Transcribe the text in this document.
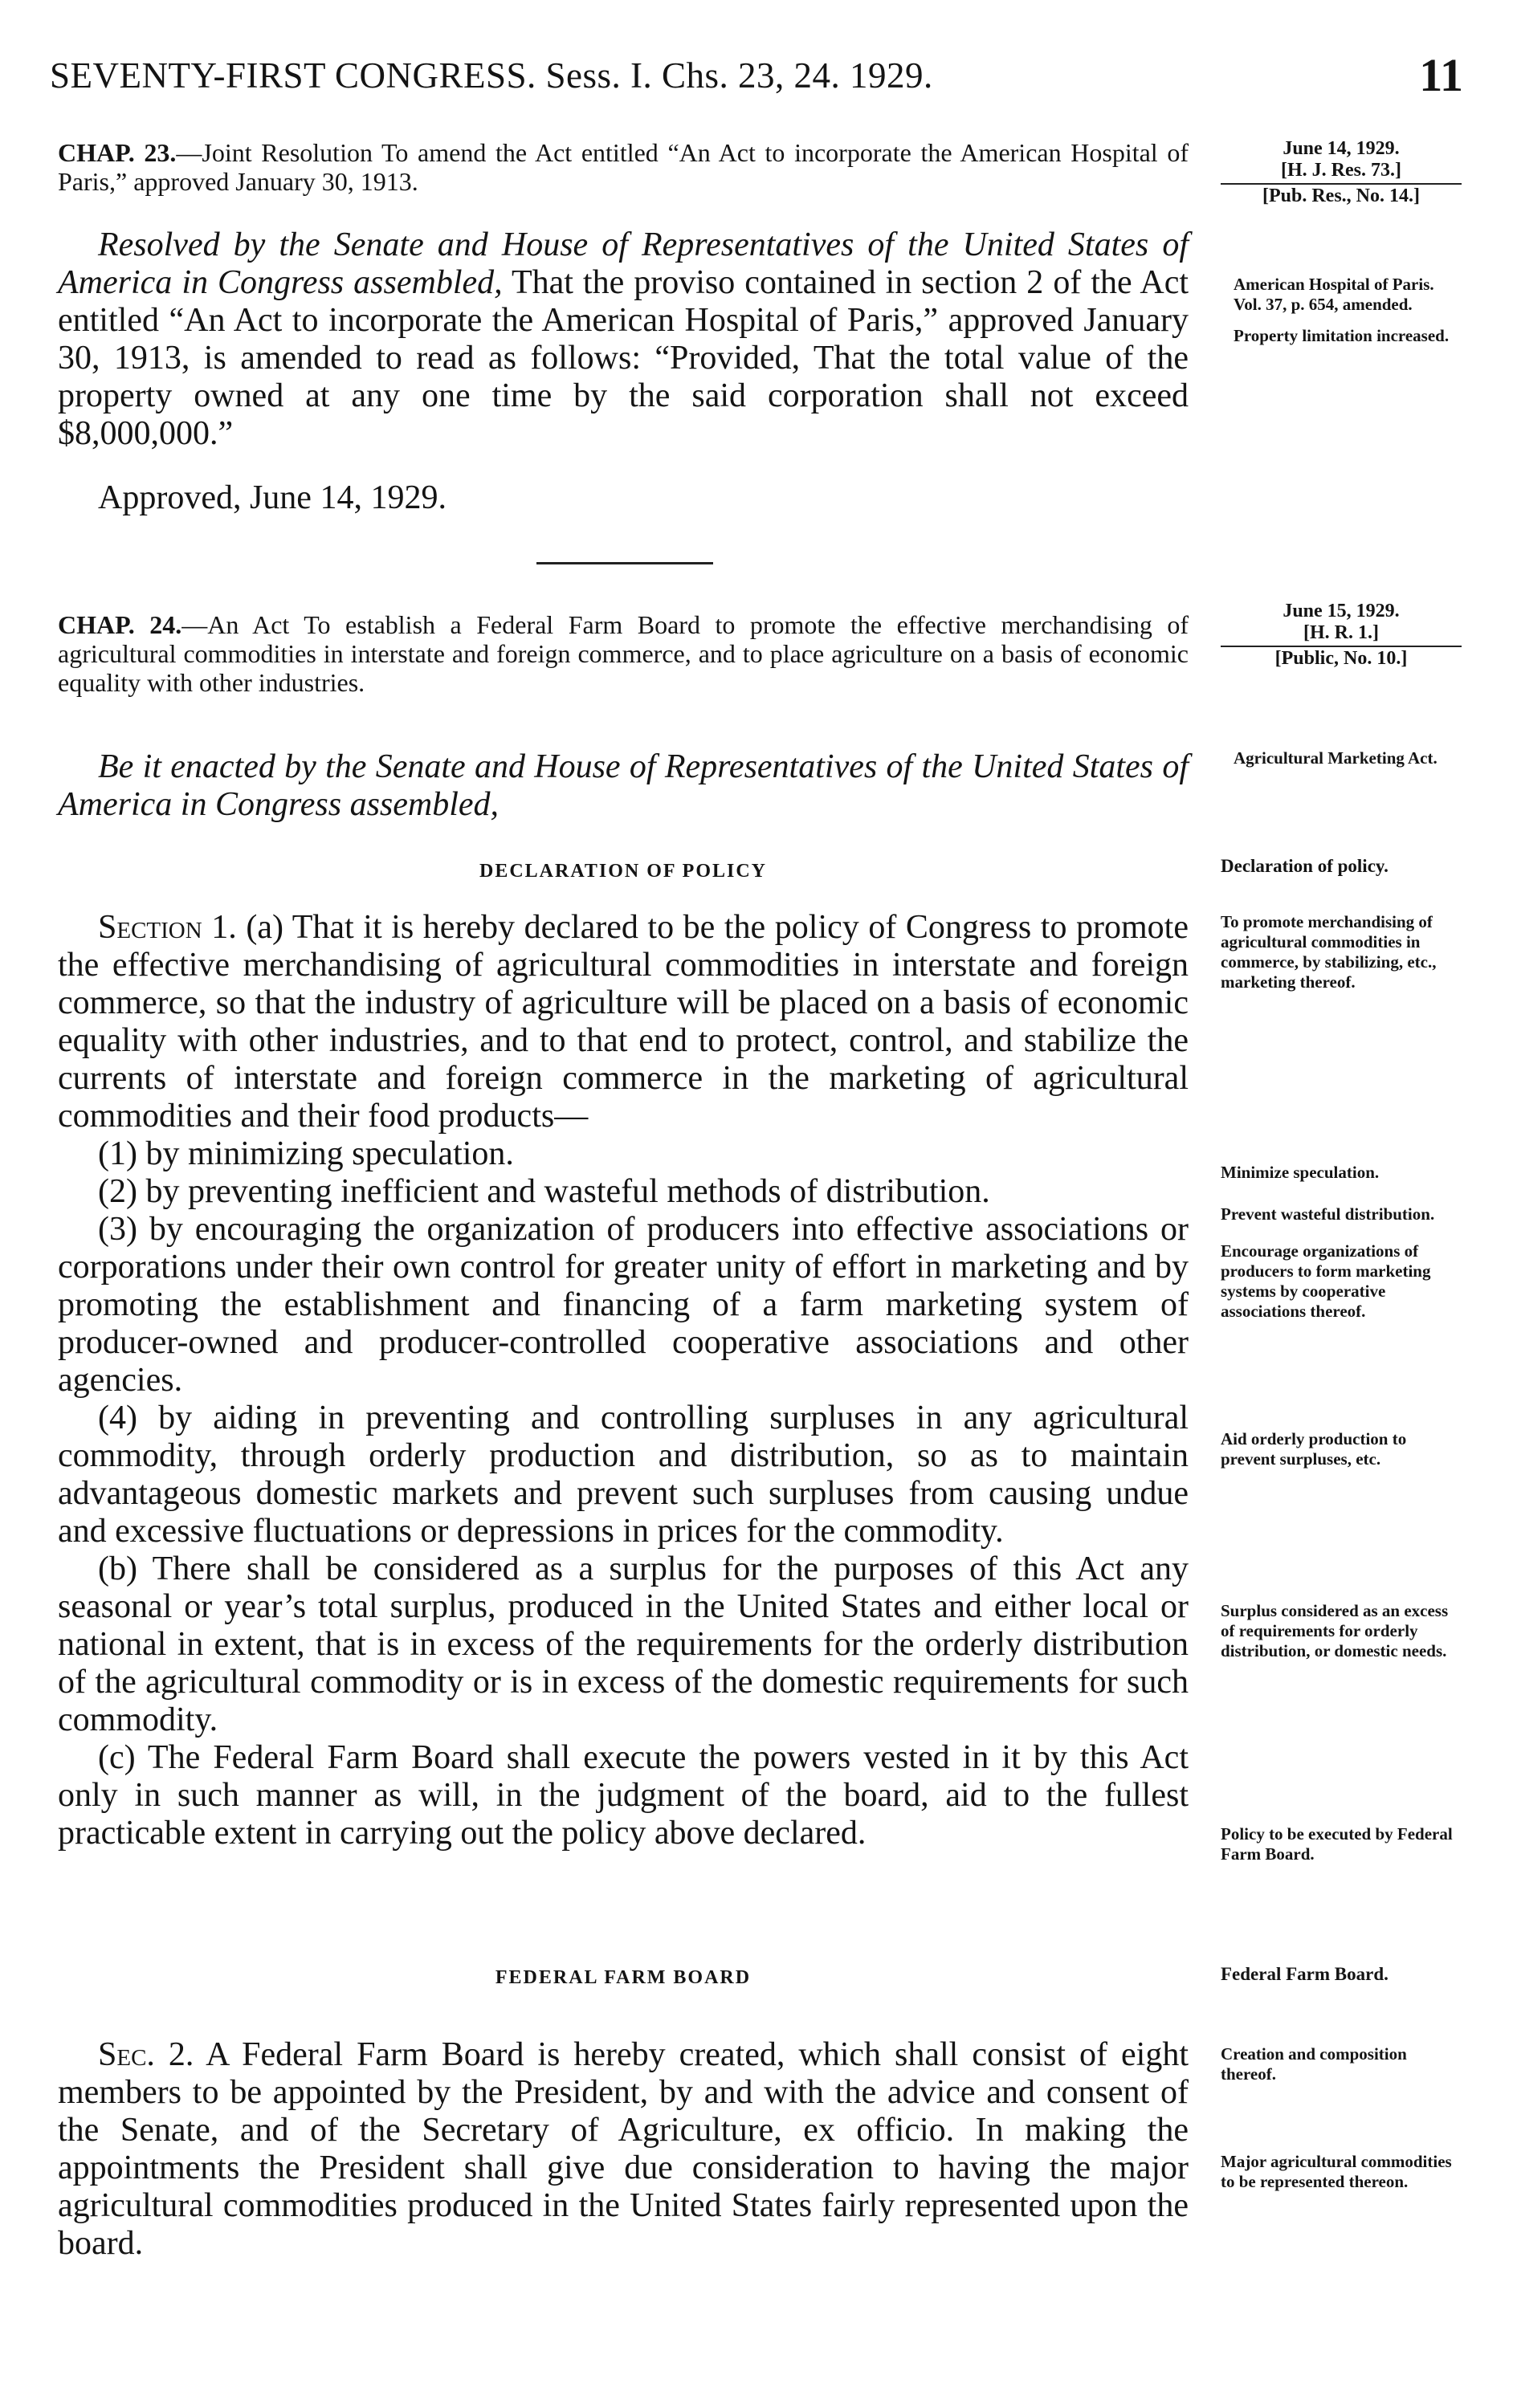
SEVENTY-FIRST CONGRESS. Sess. I. Chs. 23, 24. 1929.	11
CHAP. 23.—Joint Resolution To amend the Act entitled “An Act to incorporate the American Hospital of Paris,” approved January 30, 1913.
June 14, 1929.
[H. J. Res. 73.]
[Pub. Res., No. 14.]

Resolved by the Senate and House of Representatives of the United States of America in Congress assembled, That the proviso contained in section 2 of the Act entitled “An Act to incorporate the American Hospital of Paris,” approved January 30, 1913, is amended to read as follows: “Provided, That the total value of the property owned at any one time by the said corporation shall not exceed $8,000,000.”

American Hospital of Paris.
Vol. 37, p. 654, amended.
Property limitation increased.
Approved, June 14, 1929.
CHAP. 24.—An Act To establish a Federal Farm Board to promote the effective merchandising of agricultural commodities in interstate and foreign commerce, and to place agriculture on a basis of economic equality with other industries.
June 15, 1929.
[H. R. 1.]
[Public, No. 10.]

Be it enacted by the Senate and House of Representatives of the United States of America in Congress assembled,

Agricultural Marketing Act.
DECLARATION OF POLICY	Declaration of policy.

Section 1. (a) That it is hereby declared to be the policy of Congress to promote the effective merchandising of agricultural commodities in interstate and foreign commerce, so that the industry of agriculture will be placed on a basis of economic equality with other industries, and to that end to protect, control, and stabilize the currents of interstate and foreign commerce in the marketing of agricultural commodities and their food products—

(1) by minimizing speculation.

(2) by preventing inefficient and wasteful methods of distribution.

(3) by encouraging the organization of producers into effective associations or corporations under their own control for greater unity of effort in marketing and by promoting the establishment and financing of a farm marketing system of producer-owned and producer-controlled cooperative associations and other agencies.

(4) by aiding in preventing and controlling surpluses in any agricultural commodity, through orderly production and distribution, so as to maintain advantageous domestic markets and prevent such surpluses from causing undue and excessive fluctuations or depressions in prices for the commodity.

(b) There shall be considered as a surplus for the purposes of this Act any seasonal or year’s total surplus, produced in the United States and either local or national in extent, that is in excess of the requirements for the orderly distribution of the agricultural commodity or is in excess of the domestic requirements for such commodity.

(c) The Federal Farm Board shall execute the powers vested in it by this Act only in such manner as will, in the judgment of the board, aid to the fullest practicable extent in carrying out the policy above declared.

To promote merchandising of agricultural commodities in commerce, by stabilizing, etc., marketing thereof.
Minimize speculation.
Prevent wasteful distribution.
Encourage organizations of producers to form marketing systems by cooperative associations thereof.
Aid orderly production to prevent surpluses, etc.
Surplus considered as an excess of requirements for orderly distribution, or domestic needs.
Policy to be executed by Federal Farm Board.
FEDERAL FARM BOARD	Federal Farm Board.

Sec. 2. A Federal Farm Board is hereby created, which shall consist of eight members to be appointed by the President, by and with the advice and consent of the Senate, and of the Secretary of Agriculture, ex officio. In making the appointments the President shall give due consideration to having the major agricultural commodities produced in the United States fairly represented upon the board.

Creation and composition thereof.
Major agricultural commodities to be represented thereon.
